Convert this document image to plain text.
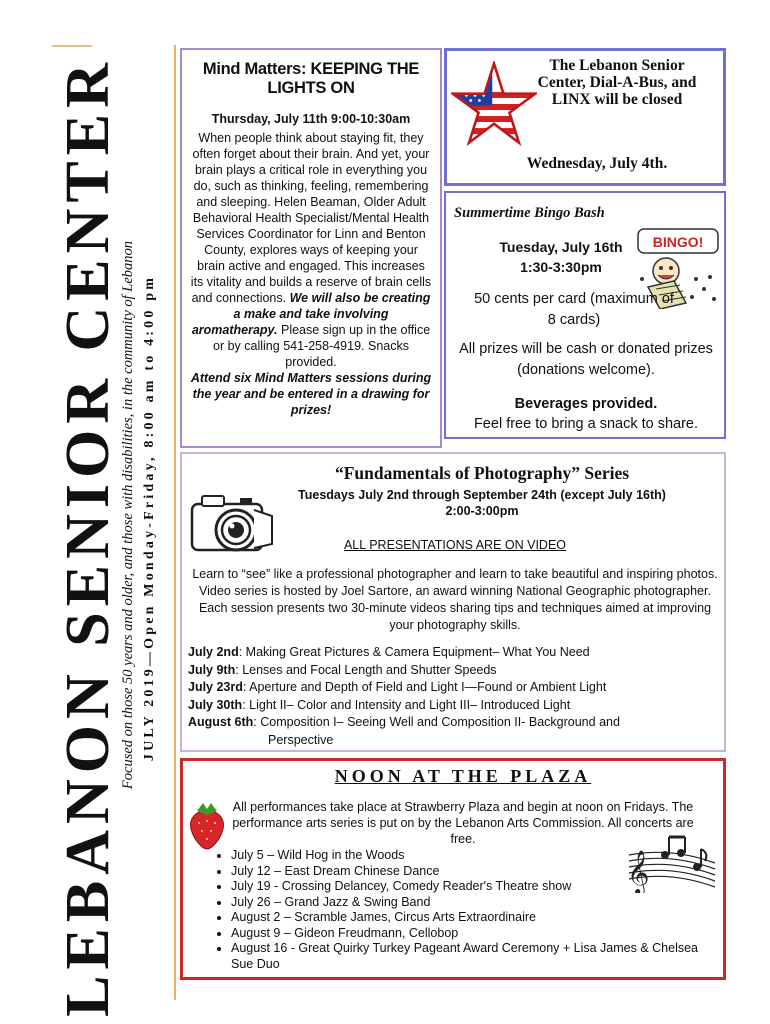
LEBANON SENIOR CENTER
Focused on those 50 years and older, and those with disabilities, in the community of Lebanon JULY 2019—Open Monday-Friday, 8:00 am to 4:00 pm
Mind Matters: KEEPING THE LIGHTS ON
Thursday, July 11th 9:00-10:30am

When people think about staying fit, they often forget about their brain. And yet, your brain plays a critical role in everything you do, such as thinking, feeling, remembering and sleeping. Helen Beaman, Older Adult Behavioral Health Specialist/Mental Health Services Coordinator for Linn and Benton County, explores ways of keeping your brain active and engaged. This increases its vitality and builds a reserve of brain cells and connections. We will also be creating a make and take involving aromatherapy. Please sign up in the office or by calling 541-258-4919. Snacks provided.

Attend six Mind Matters sessions during the year and be entered in a drawing for prizes!

The Lebanon Senior Center, Dial-A-Bus, and LINX will be closed
Wednesday, July 4th.
Summertime Bingo Bash
Tuesday, July 16th
1:30-3:30pm
BINGO!
50 cents per card (maximum of 8 cards)
All prizes will be cash or donated prizes (donations welcome).
Beverages provided.
Feel free to bring a snack to share.
“Fundamentals of Photography” Series
Tuesdays July 2nd through September 24th (except July 16th)
2:00-3:00pm
ALL PRESENTATIONS ARE ON VIDEO
Learn to “see” like a professional photographer and learn to take beautiful and inspiring photos. Video series is hosted by Joel Sartore, an award winning National Geographic photographer. Each session presents two 30-minute videos sharing tips and techniques aimed at improving your photography skills.
July 2nd: Making Great Pictures & Camera Equipment– What You Need
July 9th: Lenses and Focal Length and Shutter Speeds
July 23rd: Aperture and Depth of Field and Light I—Found or Ambient Light
July 30th: Light II– Color and Intensity and Light III– Introduced Light
August 6th: Composition I– Seeing Well and Composition II- Background and
Perspective
NOON AT THE PLAZA
All performances take place at Strawberry Plaza and begin at noon on Fridays. The performance arts series is put on by the Lebanon Arts Commission. All concerts are free.
𝄞
• July 5 – Wild Hog in the Woods
• July 12 – East Dream Chinese Dance
• July 19 - Crossing Delancey, Comedy Reader's Theatre show
• July 26 – Grand Jazz & Swing Band
• August 2 – Scramble James, Circus Arts Extraordinaire
• August 9 – Gideon Freudmann, Cellobop
• August 16 - Great Quirky Turkey Pageant Award Ceremony + Lisa James & Chelsea Sue Duo
